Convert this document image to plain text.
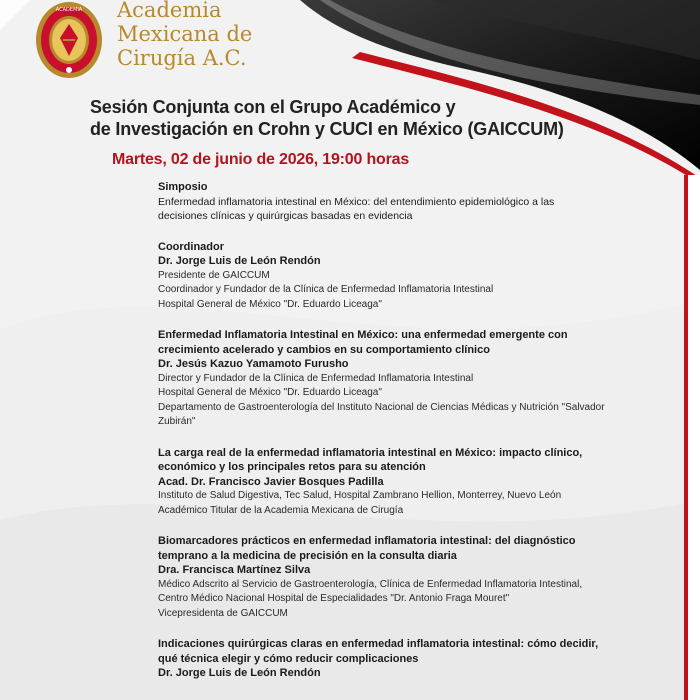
ACADEMIA Academia
Mexicana de
Cirugía A.C.
Sesión Conjunta con el Grupo Académico y
de Investigación en Crohn y CUCI en México (GAICCUM)
Martes, 02 de junio de 2026, 19:00 horas
Simposio
Enfermedad inflamatoria intestinal en México: del entendimiento epidemiológico a las
decisiones clínicas y quirúrgicas basadas en evidencia
Coordinador
Dr. Jorge Luis de León Rendón
Presidente de GAICCUM
Coordinador y Fundador de la Clínica de Enfermedad Inflamatoria Intestinal
Hospital General de México "Dr. Eduardo Liceaga"
Enfermedad Inflamatoria Intestinal en México: una enfermedad emergente con
crecimiento acelerado y cambios en su comportamiento clínico
Dr. Jesús Kazuo Yamamoto Furusho
Director y Fundador de la Clínica de Enfermedad Inflamatoria Intestinal
Hospital General de México "Dr. Eduardo Liceaga"
Departamento de Gastroenterología del Instituto Nacional de Ciencias Médicas y Nutrición "Salvador Zubirán"
La carga real de la enfermedad inflamatoria intestinal en México: impacto clínico,
económico y los principales retos para su atención
Acad. Dr. Francisco Javier Bosques Padilla
Instituto de Salud Digestiva, Tec Salud, Hospital Zambrano Hellion, Monterrey, Nuevo León
Académico Titular de la Academia Mexicana de Cirugía
Biomarcadores prácticos en enfermedad inflamatoria intestinal: del diagnóstico
temprano a la medicina de precisión en la consulta diaria
Dra. Francisca Martínez Silva
Médico Adscrito al Servicio de Gastroenterología, Clínica de Enfermedad Inflamatoria Intestinal,
Centro Médico Nacional Hospital de Especialidades "Dr. Antonio Fraga Mouret"
Vicepresidenta de GAICCUM
Indicaciones quirúrgicas claras en enfermedad inflamatoria intestinal: cómo decidir,
qué técnica elegir y cómo reducir complicaciones
Dr. Jorge Luis de León Rendón
